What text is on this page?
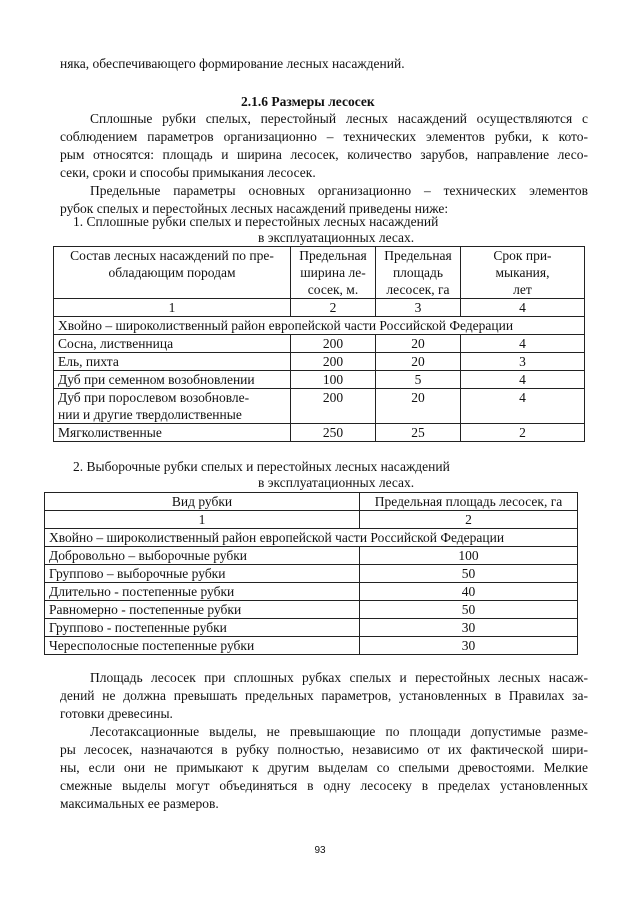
няка, обеспечивающего формирование лесных насаждений.
2.1.6 Размеры лесосек
Сплошные рубки спелых, перестойный лесных насаждений осуществляются с
соблюдением параметров организационно – технических элементов рубки, к кото-
рым относятся: площадь и ширина лесосек, количество зарубов, направление лесо-
секи, сроки и способы примыкания лесосек.
Предельные параметры основных организационно – технических элементов
рубок спелых и перестойных лесных насаждений приведены ниже:
1. Сплошные рубки спелых и перестойных лесных насаждений
в эксплуатационных лесах.
Состав лесных насаждений по пре-
обладающим породам	Предельная
ширина ле-
сосек, м.	Предельная
площадь
лесосек, га	Срок при-
мыкания,
лет
1	2	3	4
Хвойно – широколиственный район европейской части Российской Федерации			
Сосна, лиственница	200	20	4
Ель, пихта	200	20	3
Дуб при семенном возобновлении	100	5	4
Дуб при порослевом возобновле-
нии и другие твердолиственные	200	20	4
Мягколиственные	250	25	2
2. Выборочные рубки спелых и перестойных лесных насаждений
в эксплуатационных лесах.
Вид рубки	Предельная площадь лесосек, га
1	2
Хвойно – широколиственный район европейской части Российской Федерации	
Добровольно – выборочные рубки	100
Группово – выборочные рубки	50
Длительно - постепенные рубки	40
Равномерно - постепенные рубки	50
Группово - постепенные рубки	30
Чересполосные постепенные рубки	30
Площадь лесосек при сплошных рубках спелых и перестойных лесных насаж-
дений не должна превышать предельных параметров, установленных в Правилах за-
готовки древесины.
Лесотаксационные выделы, не превышающие по площади допустимые разме-
ры лесосек, назначаются в рубку полностью, независимо от их фактической шири-
ны, если они не примыкают к другим выделам со спелыми древостоями. Мелкие
смежные выделы могут объединяться в одну лесосеку в пределах установленных
максимальных ее размеров.
93
